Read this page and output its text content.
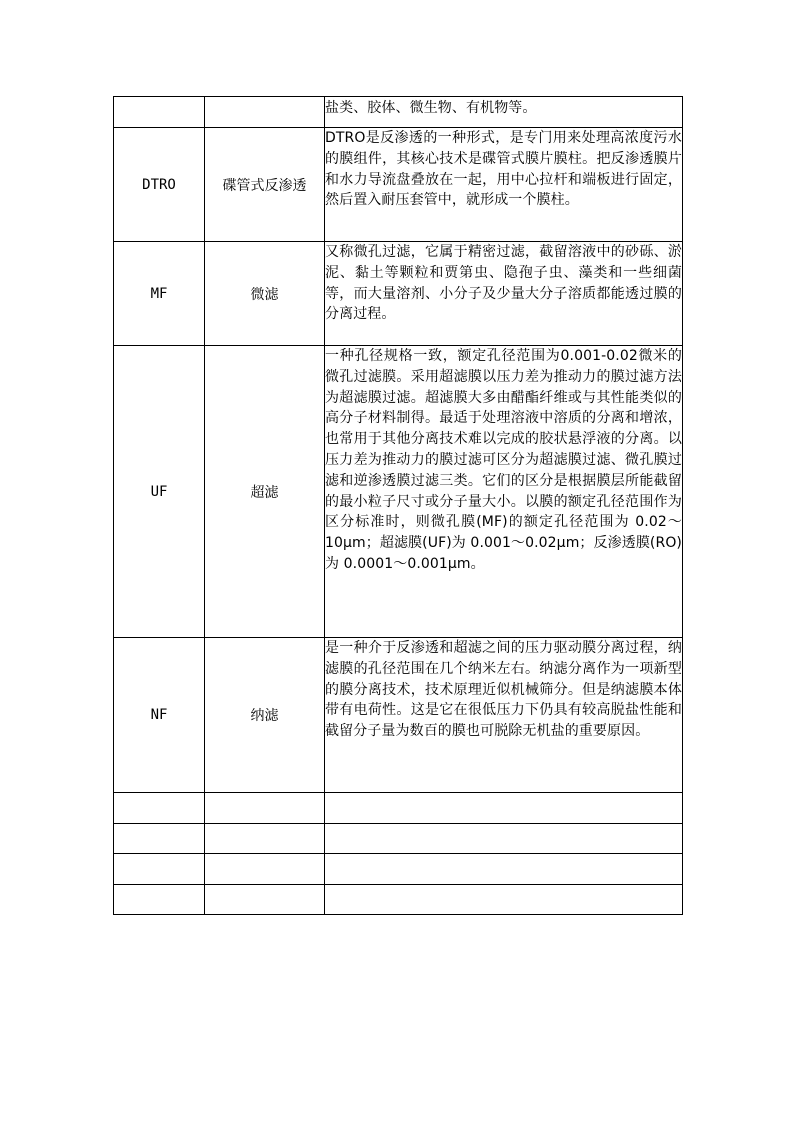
		盐类、胶体、微生物、有机物等。
DTRO	碟管式反渗透	DTRO是反渗透的一种形式，是专门用来处理高浓度污水的膜组件，其核心技术是碟管式膜片膜柱。把反渗透膜片和水力导流盘叠放在一起，用中心拉杆和端板进行固定，然后置入耐压套管中，就形成一个膜柱。
MF	微滤	又称微孔过滤，它属于精密过滤，截留溶液中的砂砾、淤泥、黏土等颗粒和贾第虫、隐孢子虫、藻类和一些细菌等，而大量溶剂、小分子及少量大分子溶质都能透过膜的分离过程。
UF	超滤	一种孔径规格一致，额定孔径范围为0.001-0.02微米的微孔过滤膜。采用超滤膜以压力差为推动力的膜过滤方法为超滤膜过滤。超滤膜大多由醋酯纤维或与其性能类似的高分子材料制得。最适于处理溶液中溶质的分离和增浓，也常用于其他分离技术难以完成的胶状悬浮液的分离。以压力差为推动力的膜过滤可区分为超滤膜过滤、微孔膜过滤和逆渗透膜过滤三类。它们的区分是根据膜层所能截留的最小粒子尺寸或分子量大小。以膜的额定孔径范围作为区分标准时，则微孔膜(MF)的额定孔径范围为 0.02～10μm；超滤膜(UF)为 0.001～0.02μm；反渗透膜(RO)为 0.0001～0.001μm。
NF	纳滤	是一种介于反渗透和超滤之间的压力驱动膜分离过程，纳滤膜的孔径范围在几个纳米左右。纳滤分离作为一项新型的膜分离技术，技术原理近似机械筛分。但是纳滤膜本体带有电荷性。这是它在很低压力下仍具有较高脱盐性能和截留分子量为数百的膜也可脱除无机盐的重要原因。
